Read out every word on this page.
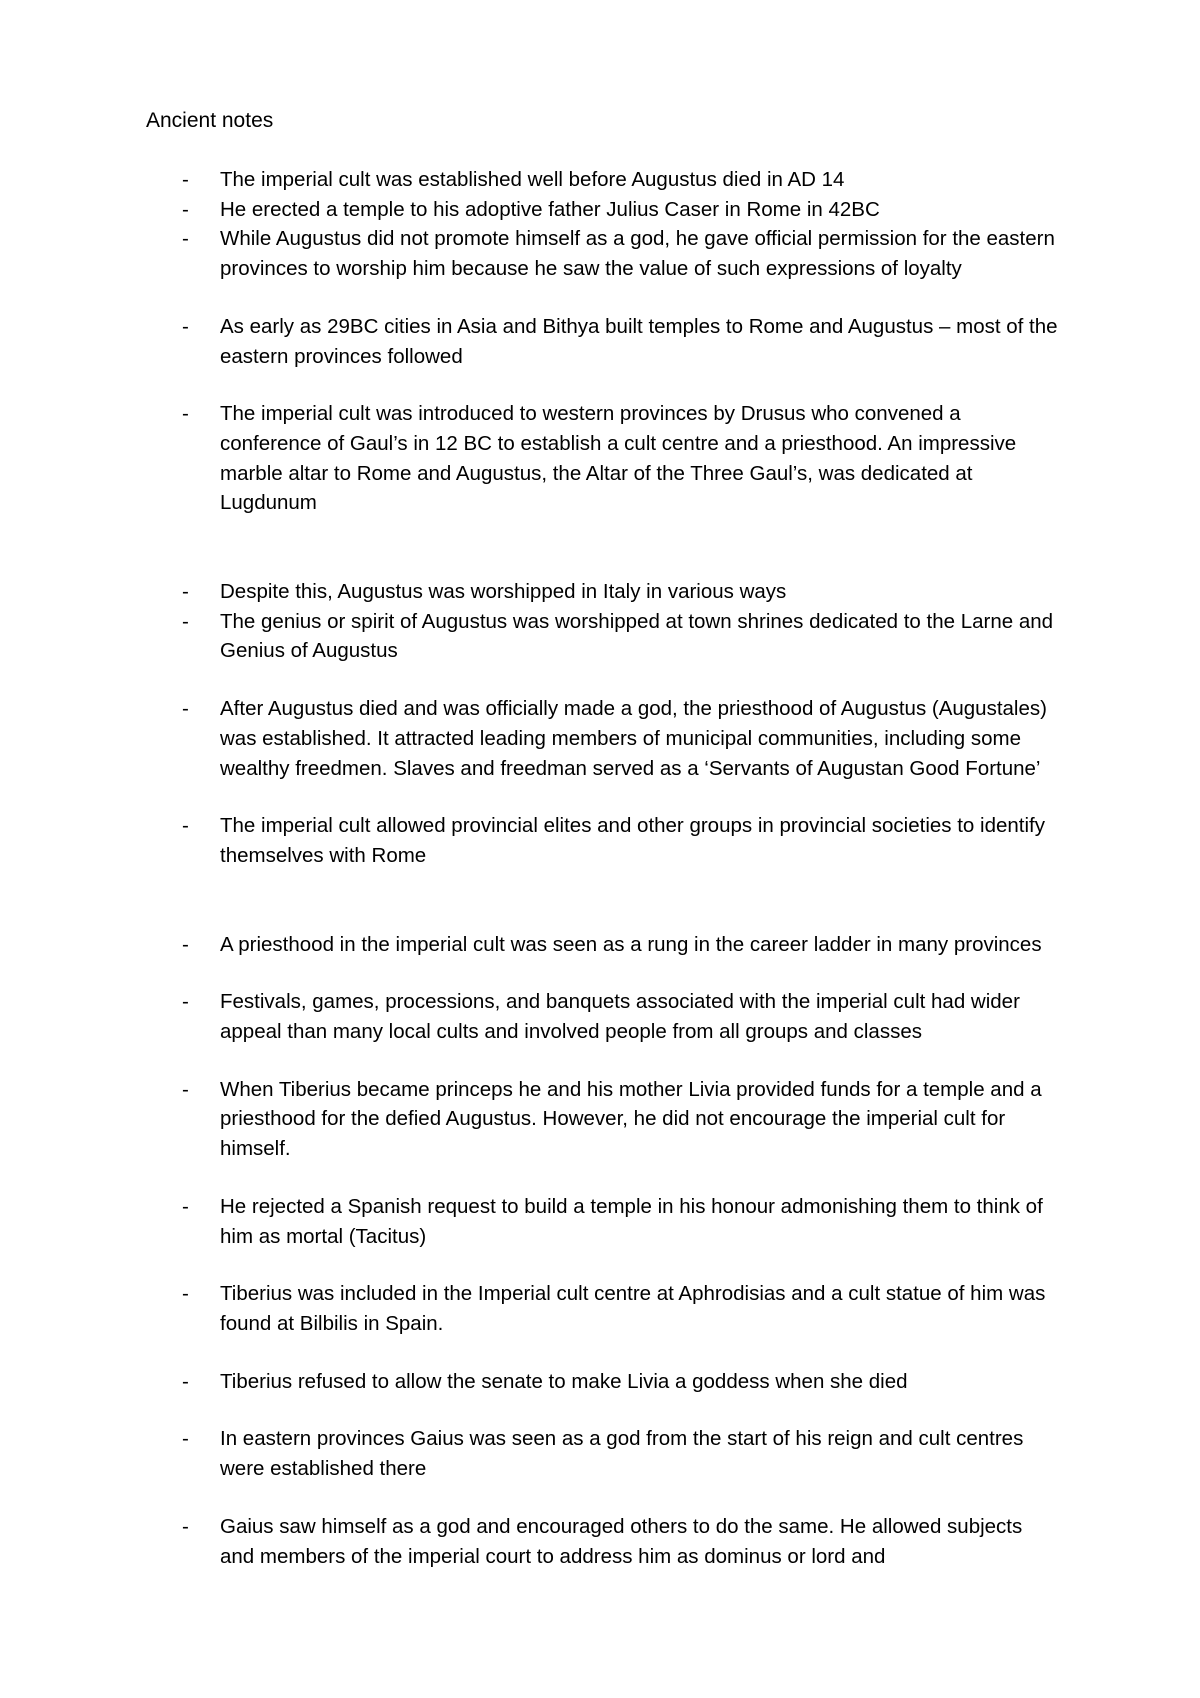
Ancient notes
- The imperial cult was established well before Augustus died in AD 14
- He erected a temple to his adoptive father Julius Caser in Rome in 42BC
- While Augustus did not promote himself as a god, he gave official permission for the eastern provinces to worship him because he saw the value of such expressions of loyalty
- As early as 29BC cities in Asia and Bithya built temples to Rome and Augustus – most of the eastern provinces followed
- The imperial cult was introduced to western provinces by Drusus who convened a conference of Gaul’s in 12 BC to establish a cult centre and a priesthood. An impressive marble altar to Rome and Augustus, the Altar of the Three Gaul’s, was dedicated at Lugdunum
- Despite this, Augustus was worshipped in Italy in various ways
- The genius or spirit of Augustus was worshipped at town shrines dedicated to the Larne and Genius of Augustus
- After Augustus died and was officially made a god, the priesthood of Augustus (Augustales) was established. It attracted leading members of municipal communities, including some wealthy freedmen. Slaves and freedman served as a ‘Servants of Augustan Good Fortune’
- The imperial cult allowed provincial elites and other groups in provincial societies to identify themselves with Rome
- A priesthood in the imperial cult was seen as a rung in the career ladder in many provinces
- Festivals, games, processions, and banquets associated with the imperial cult had wider appeal than many local cults and involved people from all groups and classes
- When Tiberius became princeps he and his mother Livia provided funds for a temple and a priesthood for the defied Augustus. However, he did not encourage the imperial cult for himself.
- He rejected a Spanish request to build a temple in his honour admonishing them to think of him as mortal (Tacitus)
- Tiberius was included in the Imperial cult centre at Aphrodisias and a cult statue of him was found at Bilbilis in Spain.
- Tiberius refused to allow the senate to make Livia a goddess when she died
- In eastern provinces Gaius was seen as a god from the start of his reign and cult centres were established there
- Gaius saw himself as a god and encouraged others to do the same. He allowed subjects and members of the imperial court to address him as dominus or lord and
